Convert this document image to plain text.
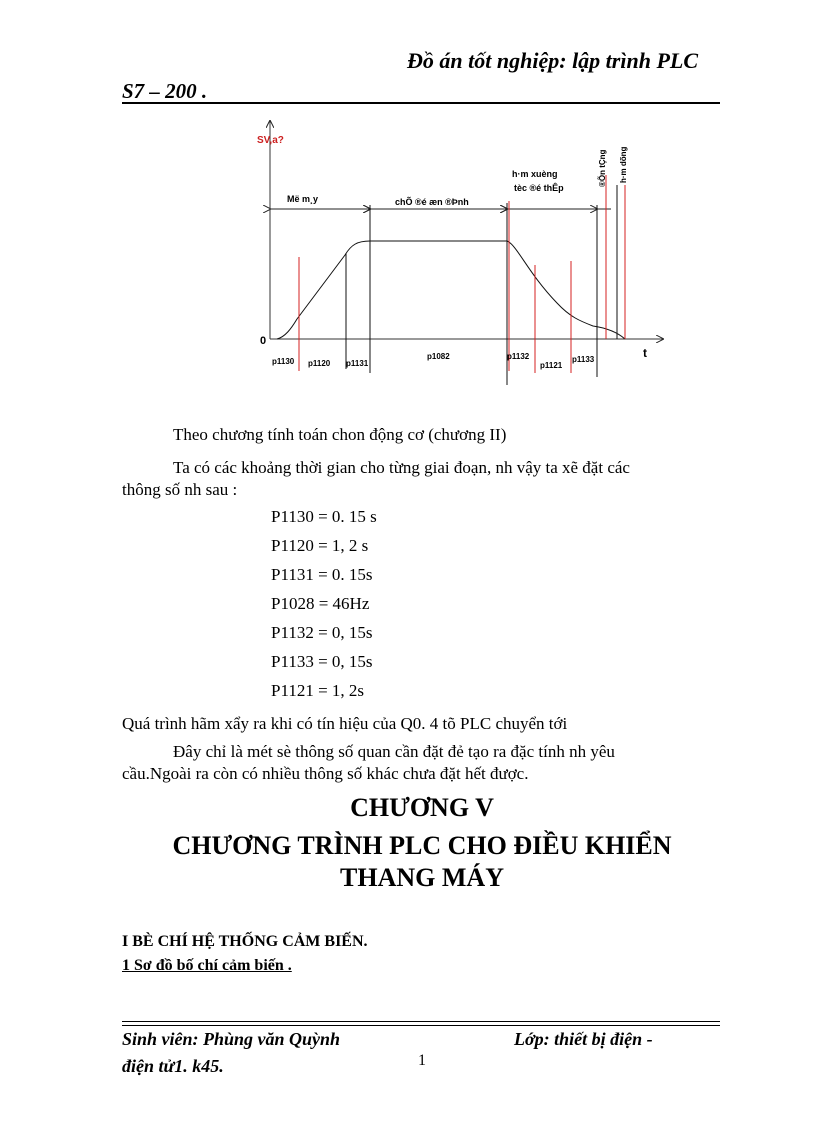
Đồ án tốt nghiệp: lập trình PLC
S7 – 200 .
SV,a?
t
0
Më m¸y	chÕ ®é æn ®Þnh
h·m xuèng
tèc ®é thÊp
®Õn tÇng h·m dõng
p1130 p1120 p1131
p1082	p1132
p1121
p1133
Theo chương tính toán chon động cơ (chương II)
Ta có các khoảng thời gian cho từng giai đoạn, nh vậy ta xẽ đặt các
thông số nh sau :
P1130 = 0. 15 s
P1120 = 1, 2 s
P1131 = 0. 15s
P1028 = 46Hz
P1132 = 0, 15s
P1133 = 0, 15s
P1121 = 1, 2s
Quá trình hãm xẩy ra khi có tín hiệu của Q0. 4 tõ PLC chuyển tới
Đây chỉ là mét sè thông số quan cần đặt đẻ tạo ra đặc tính nh yêu
cầu.Ngoài ra còn có nhiều thông số khác chưa đặt hết được.
CHƯƠNG V
CHƯƠNG TRÌNH PLC CHO ĐIỀU KHIỂN
THANG MÁY
I BÈ CHÍ HỆ THỐNG CẢM BIẾN.
1 Sơ đồ bố chí cảm biến .
Sinh viên: Phùng văn Quỳnh	Lớp: thiết bị điện -
điện tử1. k45.	1
